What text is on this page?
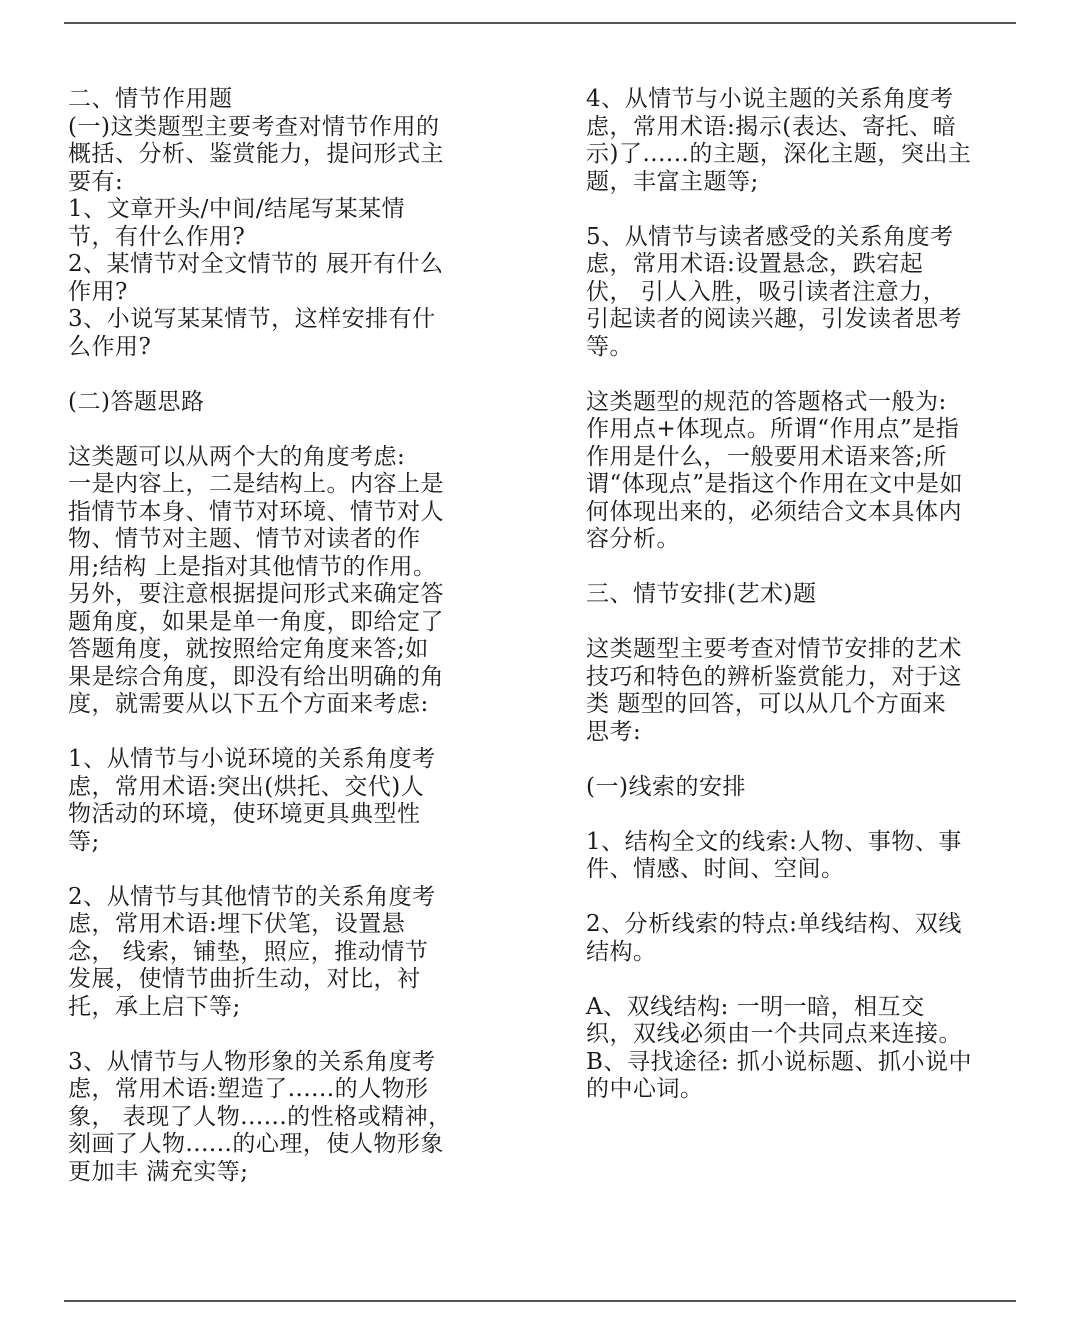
二、情节作用题

(一)这类题型主要考查对情节作用的
概括、分析、鉴赏能力，提问形式主
要有:

1、文章开头/中间/结尾写某某情
节，有什么作用?

2、某情节对全文情节的 展开有什么
作用?

3、小说写某某情节，这样安排有什
么作用?

(二)答题思路

这类题可以从两个大的角度考虑:
一是内容上，二是结构上。内容上是
指情节本身、情节对环境、情节对人
物、情节对主题、情节对读者的作
用;结构 上是指对其他情节的作用。
另外，要注意根据提问形式来确定答
题角度，如果是单一角度，即给定了
答题角度，就按照给定角度来答;如
果是综合角度，即没有给出明确的角
度，就需要从以下五个方面来考虑:

1、从情节与小说环境的关系角度考
虑，常用术语:突出(烘托、交代)人
物活动的环境，使环境更具典型性
等;

2、从情节与其他情节的关系角度考
虑，常用术语:埋下伏笔，设置悬
念， 线索，铺垫，照应，推动情节
发展，使情节曲折生动，对比，衬
托，承上启下等;

3、从情节与人物形象的关系角度考
虑，常用术语:塑造了......的人物形
象， 表现了人物......的性格或精神，
刻画了人物......的心理，使人物形象
更加丰 满充实等;

4、从情节与小说主题的关系角度考
虑，常用术语:揭示(表达、寄托、暗
示)了......的主题，深化主题，突出主
题，丰富主题等;

5、从情节与读者感受的关系角度考
虑，常用术语:设置悬念，跌宕起
伏， 引人入胜，吸引读者注意力，
引起读者的阅读兴趣，引发读者思考
等。

这类题型的规范的答题格式一般为:
作用点+体现点。所谓“作用点”是指
作用是什么，一般要用术语来答;所
谓“体现点”是指这个作用在文中是如
何体现出来的，必须结合文本具体内
容分析。

三、情节安排(艺术)题

这类题型主要考查对情节安排的艺术
技巧和特色的辨析鉴赏能力，对于这
类 题型的回答，可以从几个方面来
思考:

(一)线索的安排

1、结构全文的线索:人物、事物、事
件、情感、时间、空间。

2、分析线索的特点:单线结构、双线
结构。

A、双线结构: 一明一暗，相互交
织，双线必须由一个共同点来连接。

B、寻找途径: 抓小说标题、抓小说中
的中心词。
